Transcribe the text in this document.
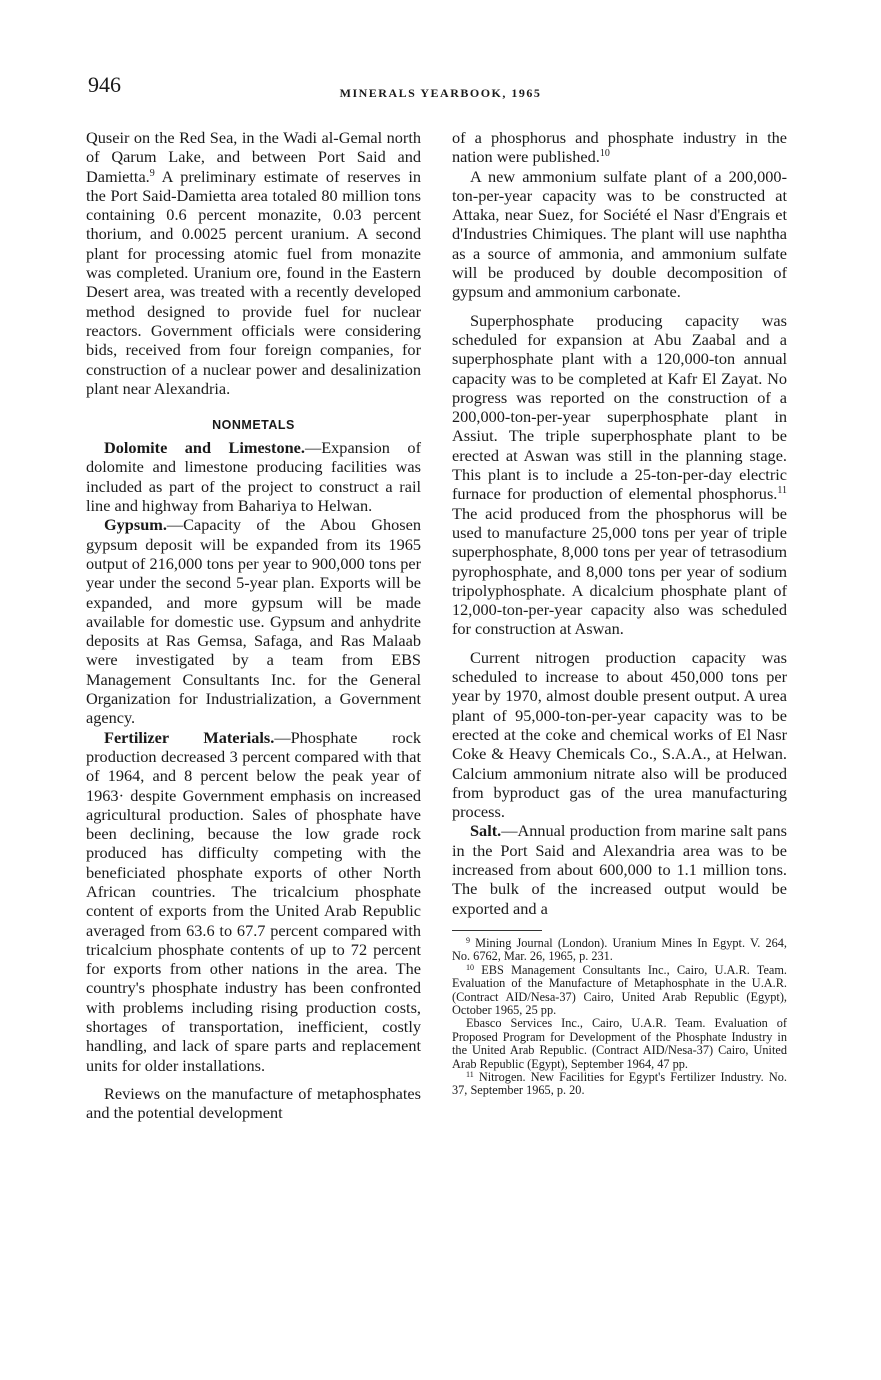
946	MINERALS YEARBOOK, 1965

Quseir on the Red Sea, in the Wadi al-Gemal north of Qarum Lake, and between Port Said and Damietta.$^9$ A preliminary estimate of reserves in the Port Said-Damietta area totaled 80 million tons containing 0.6 percent monazite, 0.03 percent thorium, and 0.0025 percent uranium. A second plant for processing atomic fuel from monazite was completed. Uranium ore, found in the Eastern Desert area, was treated with a recently developed method designed to provide fuel for nuclear reactors. Government officials were considering bids, received from four foreign companies, for construction of a nuclear power and desalinization plant near Alexandria.

NONMETALS

Dolomite and Limestone.—Expansion of dolomite and limestone producing facilities was included as part of the project to construct a rail line and highway from Bahariya to Helwan.

Gypsum.—Capacity of the Abou Ghosen gypsum deposit will be expanded from its 1965 output of 216,000 tons per year to 900,000 tons per year under the second 5-year plan. Exports will be expanded, and more gypsum will be made available for domestic use. Gypsum and anhydrite deposits at Ras Gemsa, Safaga, and Ras Malaab were investigated by a team from EBS Management Consultants Inc. for the General Organization for Industrialization, a Government agency.

Fertilizer Materials.—Phosphate rock production decreased 3 percent compared with that of 1964, and 8 percent below the peak year of 1963· despite Government emphasis on increased agricultural production. Sales of phosphate have been declining, because the low grade rock produced has difficulty competing with the beneficiated phosphate exports of other North African countries. The tricalcium phosphate content of exports from the United Arab Republic averaged from 63.6 to 67.7 percent compared with tricalcium phosphate contents of up to 72 percent for exports from other nations in the area. The country's phosphate industry has been confronted with problems including rising production costs, shortages of transportation, inefficient, costly handling, and lack of spare parts and replacement units for older installations.

Reviews on the manufacture of metaphosphates and the potential development

of a phosphorus and phosphate industry in the nation were published.$^{10}$

A new ammonium sulfate plant of a 200,000-ton-per-year capacity was to be constructed at Attaka, near Suez, for Société el Nasr d'Engrais et d'Industries Chimiques. The plant will use naphtha as a source of ammonia, and ammonium sulfate will be produced by double decomposition of gypsum and ammonium carbonate.

Superphosphate producing capacity was scheduled for expansion at Abu Zaabal and a superphosphate plant with a 120,000-ton annual capacity was to be completed at Kafr El Zayat. No progress was reported on the construction of a 200,000-ton-per-year superphosphate plant in Assiut. The triple superphosphate plant to be erected at Aswan was still in the planning stage. This plant is to include a 25-ton-per-day electric furnace for production of elemental phosphorus.$^{11}$ The acid produced from the phosphorus will be used to manufacture 25,000 tons per year of triple superphosphate, 8,000 tons per year of tetrasodium pyrophosphate, and 8,000 tons per year of sodium tripolyphosphate. A dicalcium phosphate plant of 12,000-ton-per-year capacity also was scheduled for construction at Aswan.

Current nitrogen production capacity was scheduled to increase to about 450,000 tons per year by 1970, almost double present output. A urea plant of 95,000-ton-per-year capacity was to be erected at the coke and chemical works of El Nasr Coke & Heavy Chemicals Co., S.A.A., at Helwan. Calcium ammonium nitrate also will be produced from byproduct gas of the urea manufacturing process.

Salt.—Annual production from marine salt pans in the Port Said and Alexandria area was to be increased from about 600,000 to 1.1 million tons. The bulk of the increased output would be exported and a

$^9$ Mining Journal (London). Uranium Mines In Egypt. V. 264, No. 6762, Mar. 26, 1965, p. 231.

$^{10}$ EBS Management Consultants Inc., Cairo, U.A.R. Team. Evaluation of the Manufacture of Metaphosphate in the U.A.R. (Contract AID/Nesa-37) Cairo, United Arab Republic (Egypt), October 1965, 25 pp.

Ebasco Services Inc., Cairo, U.A.R. Team. Evaluation of Proposed Program for Development of the Phosphate Industry in the United Arab Republic. (Contract AID/Nesa-37) Cairo, United Arab Republic (Egypt), September 1964, 47 pp.

$^{11}$ Nitrogen. New Facilities for Egypt's Fertilizer Industry. No. 37, September 1965, p. 20.
